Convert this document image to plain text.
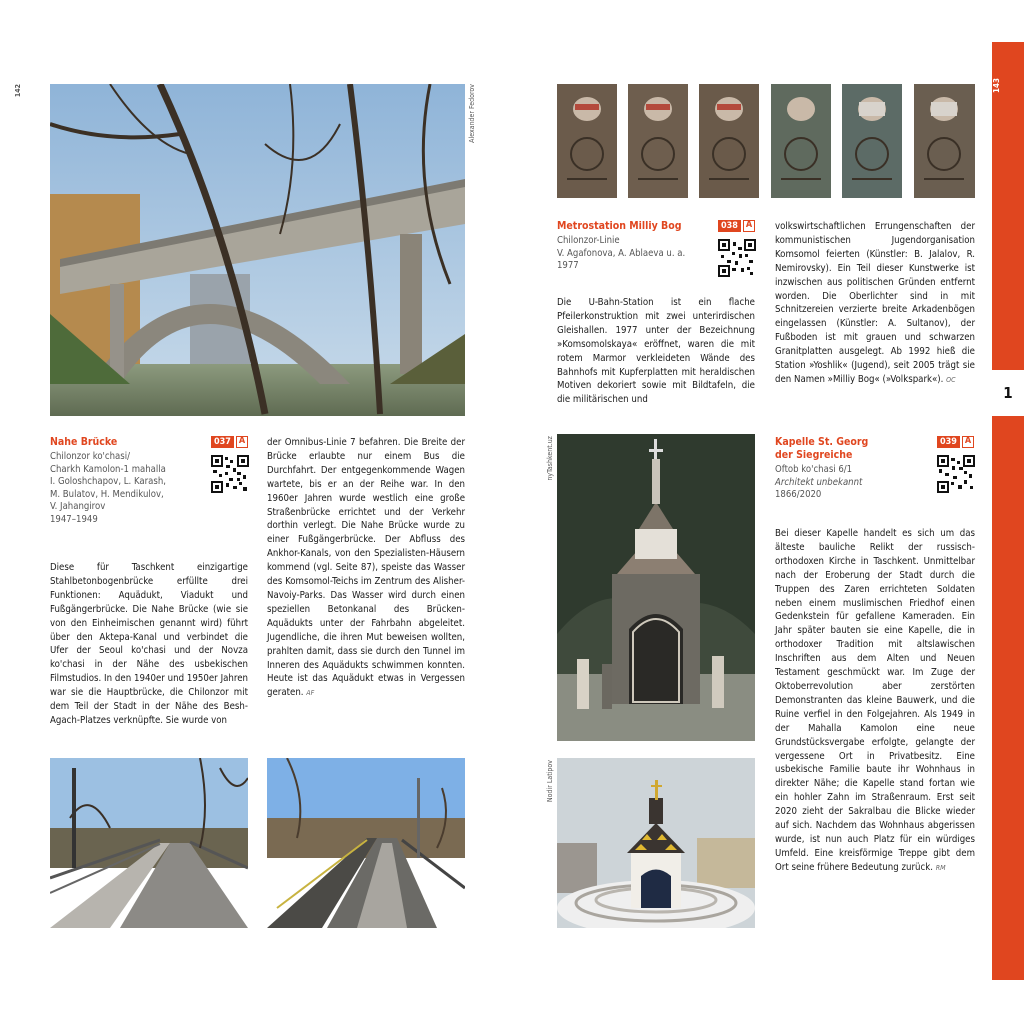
142	Alexander Fedorov
nyTashkent.uz
Nodir Latipov
143
1
Nahe Brücke	037 A
Chilonzor ko'chasi/
Charkh Kamolon-1 mahalla
I. Goloshchapov, L. Karash,
M. Bulatov, H. Mendikulov,
V. Jahangirov
1947–1949
Diese für Taschkent einzigartige Stahlbetonbogenbrücke erfüllte drei Funktionen: Aquädukt, Viadukt und Fußgängerbrücke. Die Nahe Brücke (wie sie von den Einheimischen genannt wird) führt über den Aktepa-Kanal und verbindet die Ufer der Seoul ko'chasi und der Novza ko'chasi in der Nähe des usbekischen Filmstudios. In den 1940er und 1950er Jahren war sie die Hauptbrücke, die Chilonzor mit dem Teil der Stadt in der Nähe des Besh-Agach-Platzes verknüpfte. Sie wurde von
der Omnibus-Linie 7 befahren. Die Breite der Brücke erlaubte nur einem Bus die Durchfahrt. Der entgegenkommende Wagen wartete, bis er an der Reihe war. In den 1960er Jahren wurde westlich eine große Straßenbrücke errichtet und der Verkehr dorthin verlegt. Die Nahe Brücke wurde zu einer Fußgängerbrücke. Der Abfluss des Ankhor-Kanals, von den Spezialisten-Häusern kommend (vgl. Seite 87), speiste das Wasser des Komsomol-Teichs im Zentrum des Alisher-Navoiy-Parks. Das Wasser wird durch einen speziellen Betonkanal des Brücken-Aquädukts unter der Fahrbahn abgeleitet. Jugendliche, die ihren Mut beweisen wollten, prahlten damit, dass sie durch den Tunnel im Inneren des Aquädukts schwimmen konnten. Heute ist das Aquädukt etwas in Vergessen geraten. AF
Metrostation Milliy Bog	038 A
Chilonzor-Linie
V. Agafonova, A. Ablaeva u. a.
1977
Die U-Bahn-Station ist ein flache Pfeilerkonstruktion mit zwei unterirdischen Gleishallen. 1977 unter der Bezeichnung »Komsomolskaya« eröffnet, waren die mit rotem Marmor verkleideten Wände des Bahnhofs mit Kupferplatten mit heraldischen Motiven dekoriert sowie mit Bildtafeln, die die militärischen und
volkswirtschaftlichen Errungenschaften der kommunistischen Jugendorganisation Komsomol feierten (Künstler: B. Jalalov, R. Nemirovsky). Ein Teil dieser Kunstwerke ist inzwischen aus politischen Gründen entfernt worden. Die Oberlichter sind in mit Schnitzereien verzierte breite Arkadenbögen eingelassen (Künstler: A. Sultanov), der Fußboden ist mit grauen und schwarzen Granitplatten ausgelegt. Ab 1992 hieß die Station »Yoshlik« (Jugend), seit 2005 trägt sie den Namen »Milliy Bog« (»Volkspark«). OC
Kapelle St. Georg
der Siegreiche
039 A
Oftob ko'chasi 6/1
Architekt unbekannt
1866/2020
Bei dieser Kapelle handelt es sich um das älteste bauliche Relikt der russisch-orthodoxen Kirche in Taschkent. Unmittelbar nach der Eroberung der Stadt durch die Truppen des Zaren errichteten Soldaten neben einem muslimischen Friedhof einen Gedenkstein für gefallene Kameraden. Ein Jahr später bauten sie eine Kapelle, die in orthodoxer Tradition mit altslawischen Inschriften aus dem Alten und Neuen Testament geschmückt war. Im Zuge der Oktoberrevolution aber zerstörten Demonstranten das kleine Bauwerk, und die Ruine verfiel in den Folgejahren. Als 1949 in der Mahalla Kamolon eine neue Grundstücksvergabe erfolgte, gelangte der vergessene Ort in Privatbesitz. Eine usbekische Familie baute ihr Wohnhaus in direkter Nähe; die Kapelle stand fortan wie ein hohler Zahn im Straßenraum. Erst seit 2020 zieht der Sakralbau die Blicke wieder auf sich. Nachdem das Wohnhaus abgerissen wurde, ist nun auch Platz für ein würdiges Umfeld. Eine kreisförmige Treppe gibt dem Ort seine frühere Bedeutung zurück. RM
